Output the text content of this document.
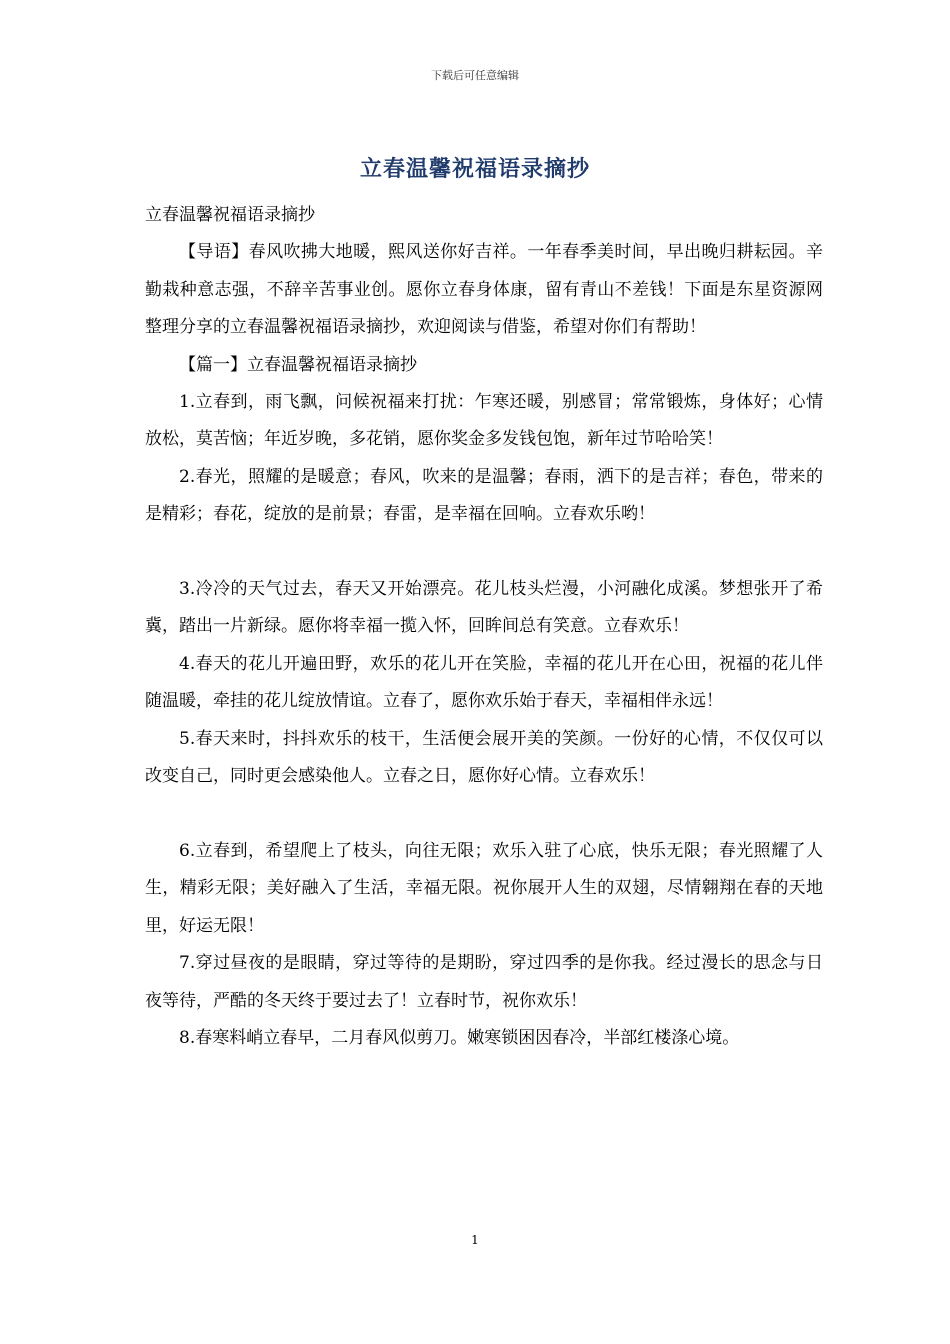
下载后可任意编辑
立春温馨祝福语录摘抄

立春温馨祝福语录摘抄

【导语】春风吹拂大地暖，熙风送你好吉祥。一年春季美时间，早出晚归耕耘园。辛勤栽种意志强，不辞辛苦事业创。愿你立春身体康，留有青山不差钱！下面是东星资源网整理分享的立春温馨祝福语录摘抄，欢迎阅读与借鉴，希望对你们有帮助！

【篇一】立春温馨祝福语录摘抄

1.立春到，雨飞飘，问候祝福来打扰：乍寒还暖，别感冒；常常锻炼，身体好；心情放松，莫苦恼；年近岁晚，多花销，愿你奖金多发钱包饱，新年过节哈哈笑！

2.春光，照耀的是暖意；春风，吹来的是温馨；春雨，洒下的是吉祥；春色，带来的是精彩；春花，绽放的是前景；春雷，是幸福在回响。立春欢乐哟！

3.冷冷的天气过去，春天又开始漂亮。花儿枝头烂漫，小河融化成溪。梦想张开了希冀，踏出一片新绿。愿你将幸福一揽入怀，回眸间总有笑意。立春欢乐！

4.春天的花儿开遍田野，欢乐的花儿开在笑脸，幸福的花儿开在心田，祝福的花儿伴随温暖，牵挂的花儿绽放情谊。立春了，愿你欢乐始于春天，幸福相伴永远！

5.春天来时，抖抖欢乐的枝干，生活便会展开美的笑颜。一份好的心情，不仅仅可以改变自己，同时更会感染他人。立春之日，愿你好心情。立春欢乐！

6.立春到，希望爬上了枝头，向往无限；欢乐入驻了心底，快乐无限；春光照耀了人生，精彩无限；美好融入了生活，幸福无限。祝你展开人生的双翅，尽情翱翔在春的天地里，好运无限！

7.穿过昼夜的是眼睛，穿过等待的是期盼，穿过四季的是你我。经过漫长的思念与日夜等待，严酷的冬天终于要过去了！立春时节，祝你欢乐！

8.春寒料峭立春早，二月春风似剪刀。嫩寒锁困因春冷，半部红楼涤心境。

1
